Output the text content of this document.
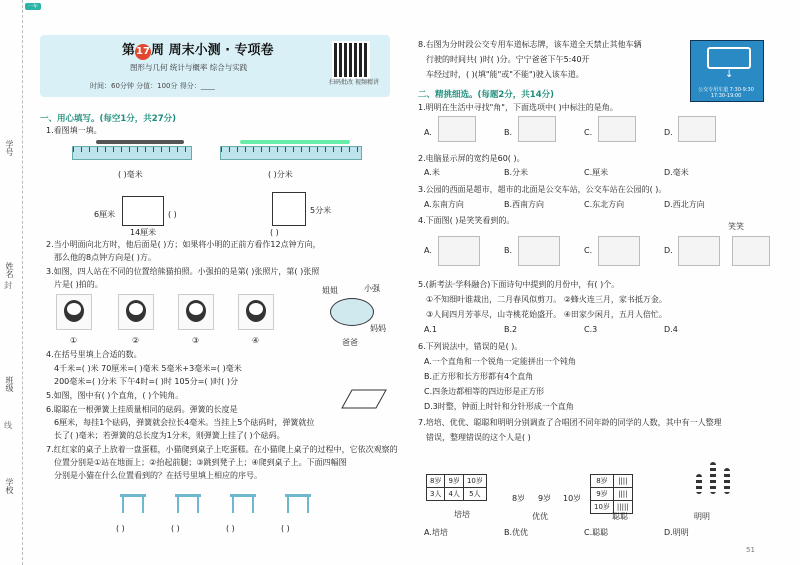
学号
姓名
班级
学校
封
线
一年
第17周 周末小测 · 专项卷
图形与几何 统计与概率 综合与实践
时间：60分钟 分值：100分 得分：____	扫码批改 视频精讲
一、用心填写。(每空1分，共27分)
1.看图填一填。
( )毫米	( )分米
6厘米
14厘米
( )	5分米
( )
2.当小明面向北方时，他后面是( )方；如果将小明的正前方看作12点钟方向，
那么他的8点钟方向是( )方。
3.如图，四人站在不同的位置给熊猫拍照。小强拍的是第( )张照片，第( )张照
片是( )拍的。
①	②	③	④
姐姐	小强
妈妈
爸爸
4.在括号里填上合适的数。
4千米=( )米 70厘米=( )毫米 5毫米+3毫米=( )毫米
200毫米=( )分米 下午4时=( )时 105分=( )时( )分
5.如图，图中有( )个直角，( )个钝角。
6.聪聪在一根弹簧上挂质量相同的砝码。弹簧的长度是
6厘米，每挂1个砝码，弹簧就会拉长4毫米。当挂上5个砝码时，弹簧就拉
长了( )毫米；若弹簧的总长度为1分米，则弹簧上挂了( )个砝码。
7.红红家的桌子上放着一盘蛋糕，小猫爬到桌子上吃蛋糕。在小猫爬上桌子的过程中，它依次观察的
位置分别是①站在地面上；②抬起前腿；③跳到凳子上；④爬到桌子上。下面四幅图
分别是小猫在什么位置看到的？在括号里填上相应的序号。
( )	( )	( )	( )
8.右图为分时段公交专用车道标志牌，该车道全天禁止其他车辆
行驶的时间共( )时( )分。宁宁爸爸下午5:40开
车经过时，( )(填"能"或"不能")驶入该车道。	↓
公交专用车道 7:30-9:30 17:30-19:00
二、精挑细选。(每题2分，共14分)
1.明明在生活中寻找"角"，下面选项中( )中标注的是角。
A.	B.	C.	D.
2.电脑显示屏的宽约是60( )。
A.米	B.分米	C.厘米	D.毫米
3.公园的西面是超市，超市的北面是公交车站，公交车站在公园的( )。
A.东南方向	B.西南方向	C.东北方向	D.西北方向
4.下面图( )是笑笑看到的。
笑笑
A.	B.	C.	D.
5.(新考法·学科融合)下面诗句中提到的月份中，有( )个。
①不知细叶谁裁出，二月春风似剪刀。 ②蜂火连三月，家书抵万金。
③人间四月芳菲尽，山寺桃花始盛开。 ④田家少闲月，五月人倍忙。
A.1	B.2	C.3	D.4
6.下列说法中，错误的是( )。
A.一个直角和一个锐角一定能拼出一个钝角
B.正方形和长方形都有4个直角
C.四条边都相等的四边形是正方形
D.3时整，钟面上时针和分针形成一个直角
7.培培、优优、聪聪和明明分别调查了合唱团不同年龄的同学的人数，其中有一人整理
错误，整理错误的这个人是( )
8岁	9岁	10岁
3人	4人	5人
培培
8岁 9岁 10岁
优优
8岁	||||
9岁	||||
10岁	|||||
聪聪	明明
A.培培	B.优优	C.聪聪	D.明明
51
